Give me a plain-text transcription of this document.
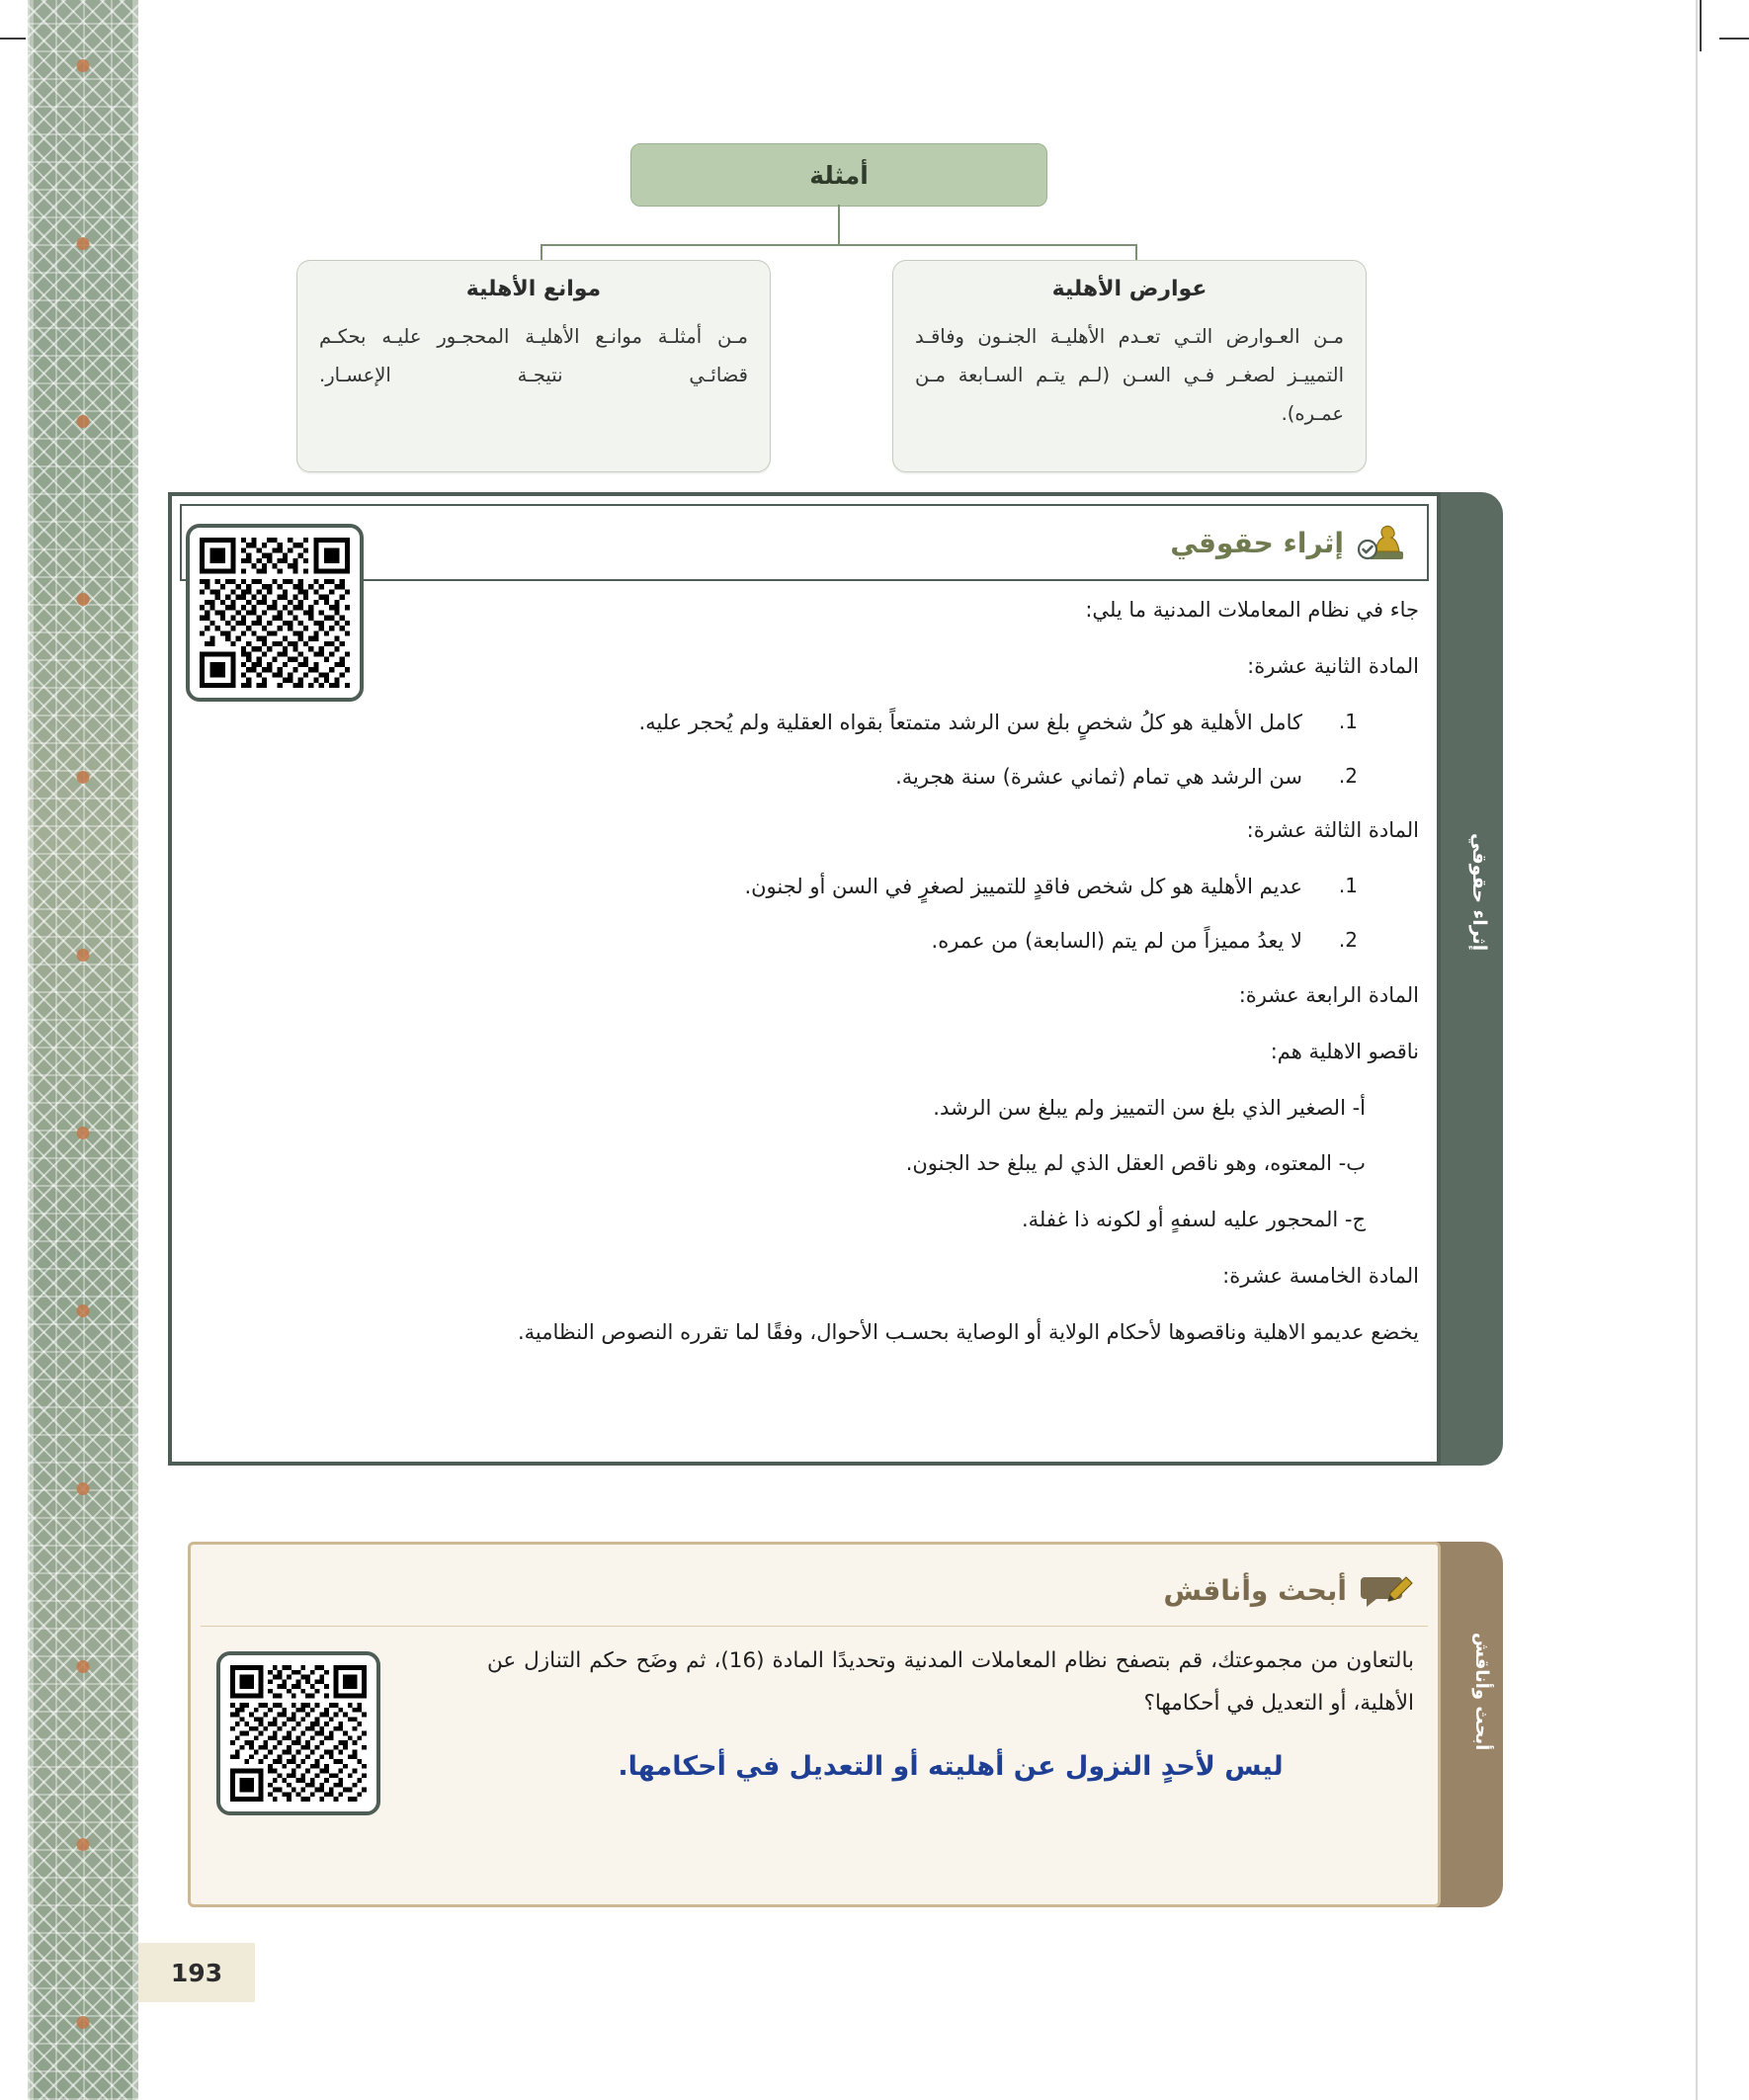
أمثلة
عوارض الأهلية
مـن العـوارض التـي تعـدم الأهليـة الجنـون وفاقـد التمييـز لصغـر فـي السـن (لـم يتـم السـابعة مـن عمـره).
موانع الأهلية
مـن أمثلـة موانـع الأهليـة المحجـور عليـه بحكـم قضائـي نتيجـة الإعسـار.
إثراء حقوقي
إثراء حقوقي

جاء في نظام المعاملات المدنية ما يلي:

المادة الثانية عشرة:

1.
كامل الأهلية هو كلُ شخصٍ بلغ سن الرشد متمتعاً بقواه العقلية ولم يُحجر عليه.
2.
سن الرشد هي تمام (ثماني عشرة) سنة هجرية.

المادة الثالثة عشرة:

1.
عديم الأهلية هو كل شخص فاقدٍ للتمييز لصغرٍ في السن أو لجنون.
2.
لا يعدُ مميزاً من لم يتم (السابعة) من عمره.

المادة الرابعة عشرة:

ناقصو الاهلية هم:

أ- الصغير الذي بلغ سن التمييز ولم يبلغ سن الرشد.

ب- المعتوه، وهو ناقص العقل الذي لم يبلغ حد الجنون.

ج- المحجور عليه لسفهٍ أو لكونه ذا غفلة.

المادة الخامسة عشرة:

يخضع عديمو الاهلية وناقصوها لأحكام الولاية أو الوصاية بحسـب الأحوال، وفقًا لما تقرره النصوص النظامية.

أبحث وأناقش
أبحث وأناقش
بالتعاون من مجموعتك، قم بتصفح نظام المعاملات المدنية وتحديدًا المادة (16)، ثم وضَح حكم التنازل عن الأهلية، أو التعديل في أحكامها؟
ليس لأحدٍ النزول عن أهليته أو التعديل في أحكامها.
193
